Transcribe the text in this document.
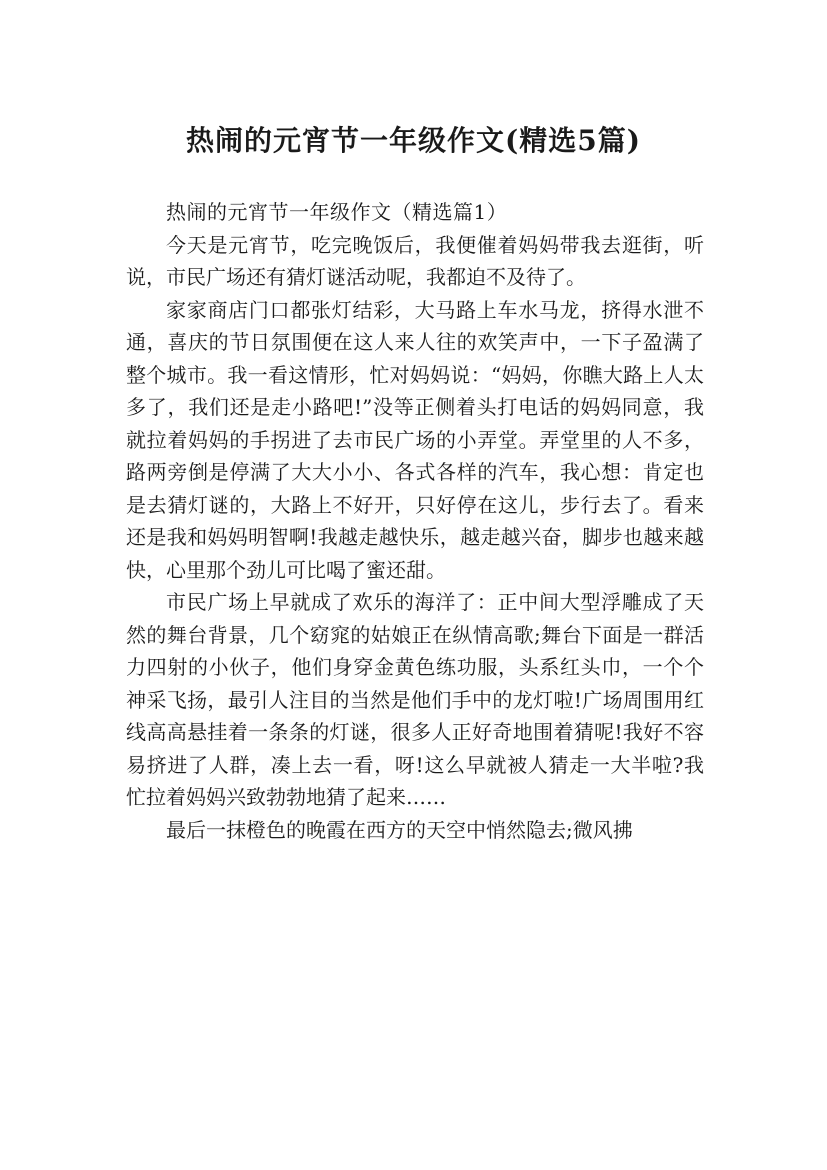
热闹的元宵节一年级作文(精选5篇)

热闹的元宵节一年级作文（精选篇1）

今天是元宵节，吃完晚饭后，我便催着妈妈带我去逛街，听说，市民广场还有猜灯谜活动呢，我都迫不及待了。

家家商店门口都张灯结彩，大马路上车水马龙，挤得水泄不通，喜庆的节日氛围便在这人来人往的欢笑声中，一下子盈满了整个城市。我一看这情形，忙对妈妈说：“妈妈，你瞧大路上人太多了，我们还是走小路吧!”没等正侧着头打电话的妈妈同意，我就拉着妈妈的手拐进了去市民广场的小弄堂。弄堂里的人不多，路两旁倒是停满了大大小小、各式各样的汽车，我心想：肯定也是去猜灯谜的，大路上不好开，只好停在这儿，步行去了。看来还是我和妈妈明智啊!我越走越快乐，越走越兴奋，脚步也越来越快，心里那个劲儿可比喝了蜜还甜。

市民广场上早就成了欢乐的海洋了：正中间大型浮雕成了天然的舞台背景，几个窈窕的姑娘正在纵情高歌;舞台下面是一群活力四射的小伙子，他们身穿金黄色练功服，头系红头巾，一个个神采飞扬，最引人注目的当然是他们手中的龙灯啦!广场周围用红线高高悬挂着一条条的灯谜，很多人正好奇地围着猜呢!我好不容易挤进了人群，凑上去一看，呀!这么早就被人猜走一大半啦?我忙拉着妈妈兴致勃勃地猜了起来……

最后一抹橙色的晚霞在西方的天空中悄然隐去;微风拂
